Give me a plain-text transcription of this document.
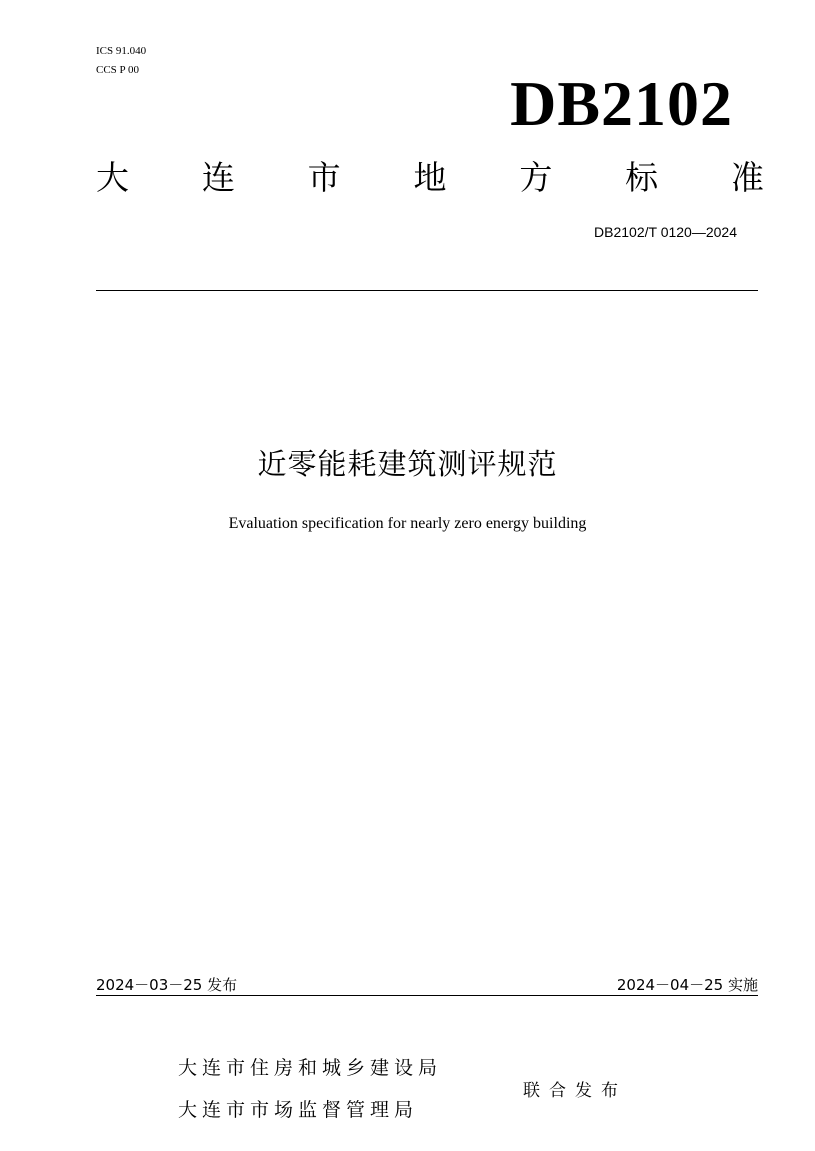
ICS 91.040
CCS P 00	DB2102
大 连 市 地 方 标 准
DB2102/T 0120—2024
近零能耗建筑测评规范
Evaluation specification for nearly zero energy building
2024－03－25 发布	2024－04－25 实施
大连市住房和城乡建设局
大连市市场监督管理局
联合发布
